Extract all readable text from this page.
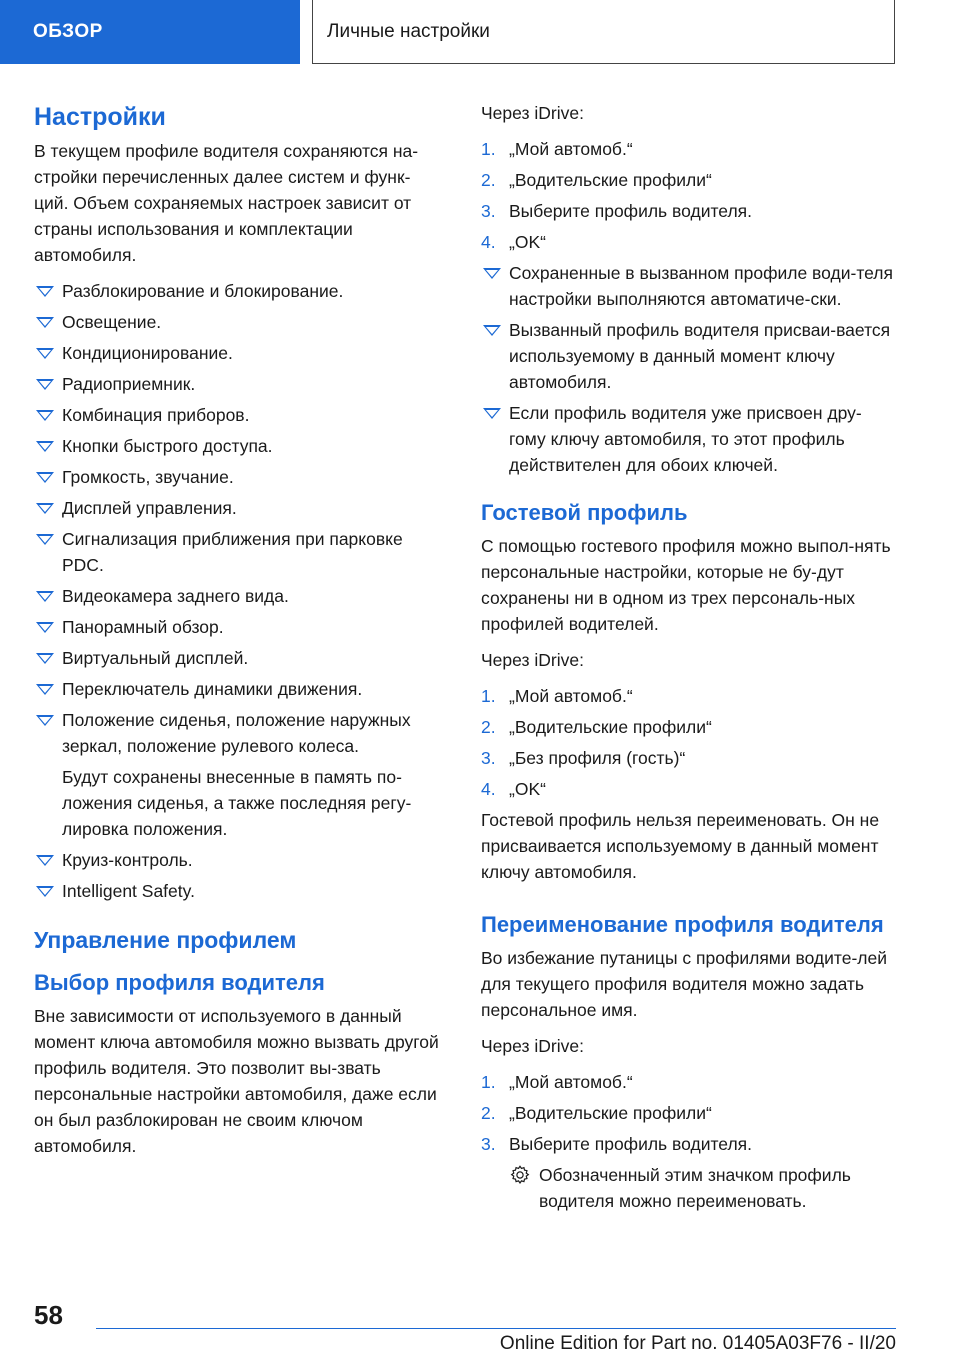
ОБЗОР	Личные настройки
Настройки

В текущем профиле водителя сохраняются на-стройки перечисленных далее систем и функ-ций. Объем сохраняемых настроек зависит от страны использования и комплектации автомобиля.

Разблокирование и блокирование.
Освещение.
Кондиционирование.
Радиоприемник.
Комбинация приборов.
Кнопки быстрого доступа.
Громкость, звучание.
Дисплей управления.
Сигнализация приближения при парковке PDC.
Видеокамера заднего вида.
Панорамный обзор.
Виртуальный дисплей.
Переключатель динамики движения.
Положение сиденья, положение наружных зеркал, положение рулевого колеса.

Будут сохранены внесенные в память по-ложения сиденья, а также последняя регу-лировка положения.

Круиз-контроль.
Intelligent Safety.
Управление профилем
Выбор профиля водителя

Вне зависимости от используемого в данный момент ключа автомобиля можно вызвать другой профиль водителя. Это позволит вы-звать персональные настройки автомобиля, даже если он был разблокирован не своим ключом автомобиля.

Через iDrive:

1. „Мой автомоб.“
2. „Водительские профили“
3. Выберите профиль водителя.
4. „OK“
Сохраненные в вызванном профиле води-теля настройки выполняются автоматиче-ски.
Вызванный профиль водителя присваи-вается используемому в данный момент ключу автомобиля.
Если профиль водителя уже присвоен дру-гому ключу автомобиля, то этот профиль действителен для обоих ключей.
Гостевой профиль

С помощью гостевого профиля можно выпол-нять персональные настройки, которые не бу-дут сохранены ни в одном из трех персональ-ных профилей водителей.

Через iDrive:

1. „Мой автомоб.“
2. „Водительские профили“
3. „Без профиля (гость)“
4. „OK“

Гостевой профиль нельзя переименовать. Он не присваивается используемому в данный момент ключу автомобиля.

Переименование профиля водителя

Во избежание путаницы с профилями водите-лей для текущего профиля водителя можно задать персональное имя.

Через iDrive:

1. „Мой автомоб.“
2. „Водительские профили“
3. Выберите профиль водителя.
Обозначенный этим значком профиль водителя можно переименовать.
58
Online Edition for Part no. 01405A03F76 - II/20
